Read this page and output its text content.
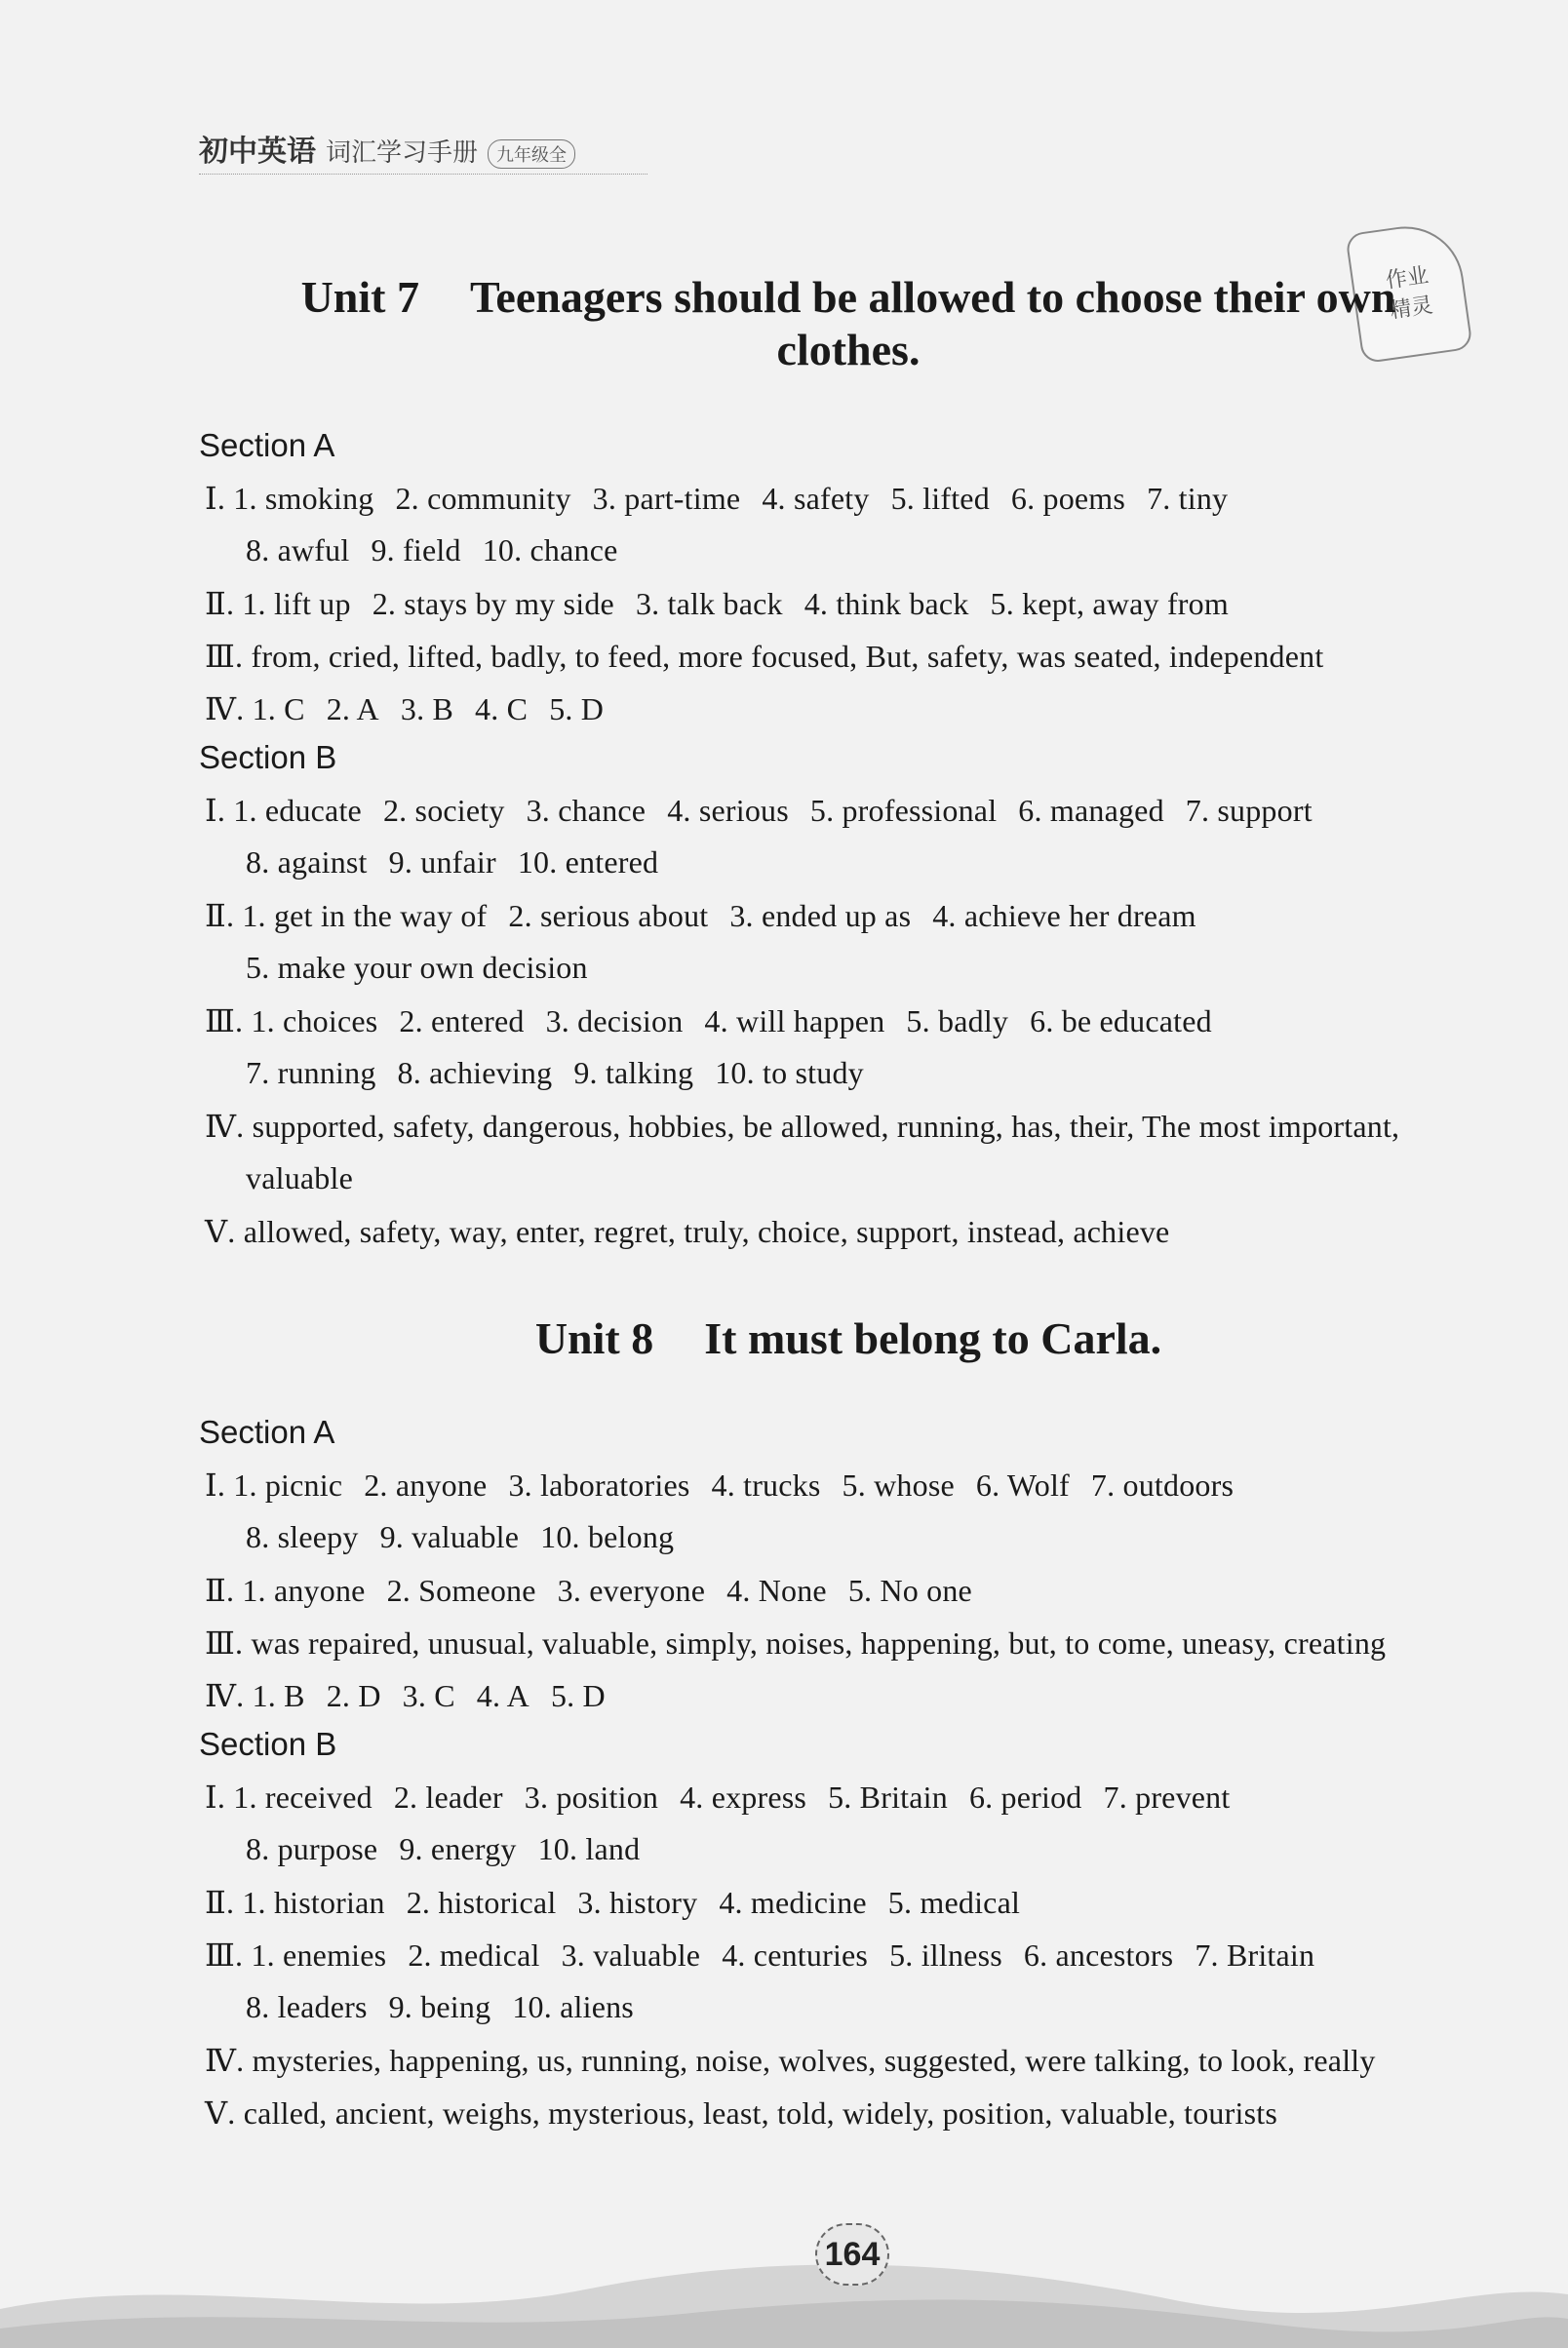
初中英语 词汇学习手册	九年级全
作业
精灵
Unit 7 Teenagers should be allowed to choose their own
clothes.
Section A
Ⅰ. 1. smoking 2. community 3. part-time 4. safety 5. lifted 6. poems 7. tiny
8. awful 9. field 10. chance
Ⅱ. 1. lift up 2. stays by my side 3. talk back 4. think back 5. kept, away from
Ⅲ. from, cried, lifted, badly, to feed, more focused, But, safety, was seated, independent
Ⅳ. 1. C 2. A 3. B 4. C 5. D
Section B
Ⅰ. 1. educate 2. society 3. chance 4. serious 5. professional 6. managed 7. support
8. against 9. unfair 10. entered
Ⅱ. 1. get in the way of 2. serious about 3. ended up as 4. achieve her dream
5. make your own decision
Ⅲ. 1. choices 2. entered 3. decision 4. will happen 5. badly 6. be educated
7. running 8. achieving 9. talking 10. to study
Ⅳ. supported, safety, dangerous, hobbies, be allowed, running, has, their, The most important,
valuable
Ⅴ. allowed, safety, way, enter, regret, truly, choice, support, instead, achieve
Unit 8 It must belong to Carla.
Section A
Ⅰ. 1. picnic 2. anyone 3. laboratories 4. trucks 5. whose 6. Wolf 7. outdoors
8. sleepy 9. valuable 10. belong
Ⅱ. 1. anyone 2. Someone 3. everyone 4. None 5. No one
Ⅲ. was repaired, unusual, valuable, simply, noises, happening, but, to come, uneasy, creating
Ⅳ. 1. B 2. D 3. C 4. A 5. D
Section B
Ⅰ. 1. received 2. leader 3. position 4. express 5. Britain 6. period 7. prevent
8. purpose 9. energy 10. land
Ⅱ. 1. historian 2. historical 3. history 4. medicine 5. medical
Ⅲ. 1. enemies 2. medical 3. valuable 4. centuries 5. illness 6. ancestors 7. Britain
8. leaders 9. being 10. aliens
Ⅳ. mysteries, happening, us, running, noise, wolves, suggested, were talking, to look, really
Ⅴ. called, ancient, weighs, mysterious, least, told, widely, position, valuable, tourists
164
